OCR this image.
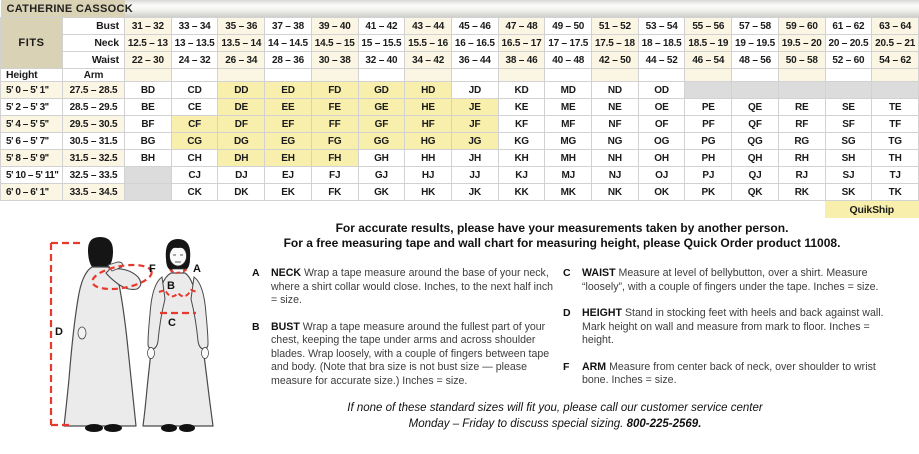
CATHERINE CASSOCK																		
FITS	Bust	31 – 32	33 – 34	35 – 36	37 – 38	39 – 40	41 – 42	43 – 44	45 – 46	47 – 48	49 – 50	51 – 52	53 – 54	55 – 56	57 – 58	59 – 60	61 – 62	63 – 64
	Neck	12.5 – 13	13 – 13.5	13.5 – 14	14 – 14.5	14.5 – 15	15 – 15.5	15.5 – 16	16 – 16.5	16.5 – 17	17 – 17.5	17.5 – 18	18 – 18.5	18.5 – 19	19 – 19.5	19.5 – 20	20 – 20.5	20.5 – 21
	Waist	22 – 30	24 – 32	26 – 34	28 – 36	30 – 38	32 – 40	34 – 42	36 – 44	38 – 46	40 – 48	42 – 50	44 – 52	46 – 54	48 – 56	50 – 58	52 – 60	54 – 62
Height	Arm																	
5' 0 – 5' 1''	27.5 – 28.5	BD	CD	DD	ED	FD	GD	HD	JD	KD	MD	ND	OD					
5' 2 – 5' 3''	28.5 – 29.5	BE	CE	DE	EE	FE	GE	HE	JE	KE	ME	NE	OE	PE	QE	RE	SE	TE
5' 4 – 5' 5''	29.5 – 30.5	BF	CF	DF	EF	FF	GF	HF	JF	KF	MF	NF	OF	PF	QF	RF	SF	TF
5' 6 – 5' 7''	30.5 – 31.5	BG	CG	DG	EG	FG	GG	HG	JG	KG	MG	NG	OG	PG	QG	RG	SG	TG
5' 8 – 5' 9''	31.5 – 32.5	BH	CH	DH	EH	FH	GH	HH	JH	KH	MH	NH	OH	PH	QH	RH	SH	TH
5' 10 – 5' 11''	32.5 – 33.5		CJ	DJ	EJ	FJ	GJ	HJ	JJ	KJ	MJ	NJ	OJ	PJ	QJ	RJ	SJ	TJ
6' 0 – 6' 1''	33.5 – 34.5		CK	DK	EK	FK	GK	HK	JK	KK	MK	NK	OK	PK	QK	RK	SK	TK
																	QuikShip	
For accurate results, please have your measurements taken by another person.
For a free measuring tape and wall chart for measuring height, please Quick Order product 11008.
D
F	A
B
C
A NECK Wrap a tape measure around the base of your neck, where a shirt collar would close. Inches, to the next half inch = size.

B BUST Wrap a tape measure around the fullest part of your chest, keeping the tape under arms and across shoulder blades. Wrap loosely, with a couple of fingers between tape and body. (Note that bra size is not bust size — please measure for accurate size.) Inches = size.

C WAIST Measure at level of bellybutton, over a shirt. Measure “loosely”, with a couple of fingers under the tape. Inches = size.

D HEIGHT Stand in stocking feet with heels and back against wall. Mark height on wall and measure from mark to floor. Inches = height.

F	ARM Measure from center back of neck, over shoulder to wrist bone. Inches = size.

If none of these standard sizes will fit you, please call our customer service center
Monday – Friday to discuss special sizing. 800-225-2569.
